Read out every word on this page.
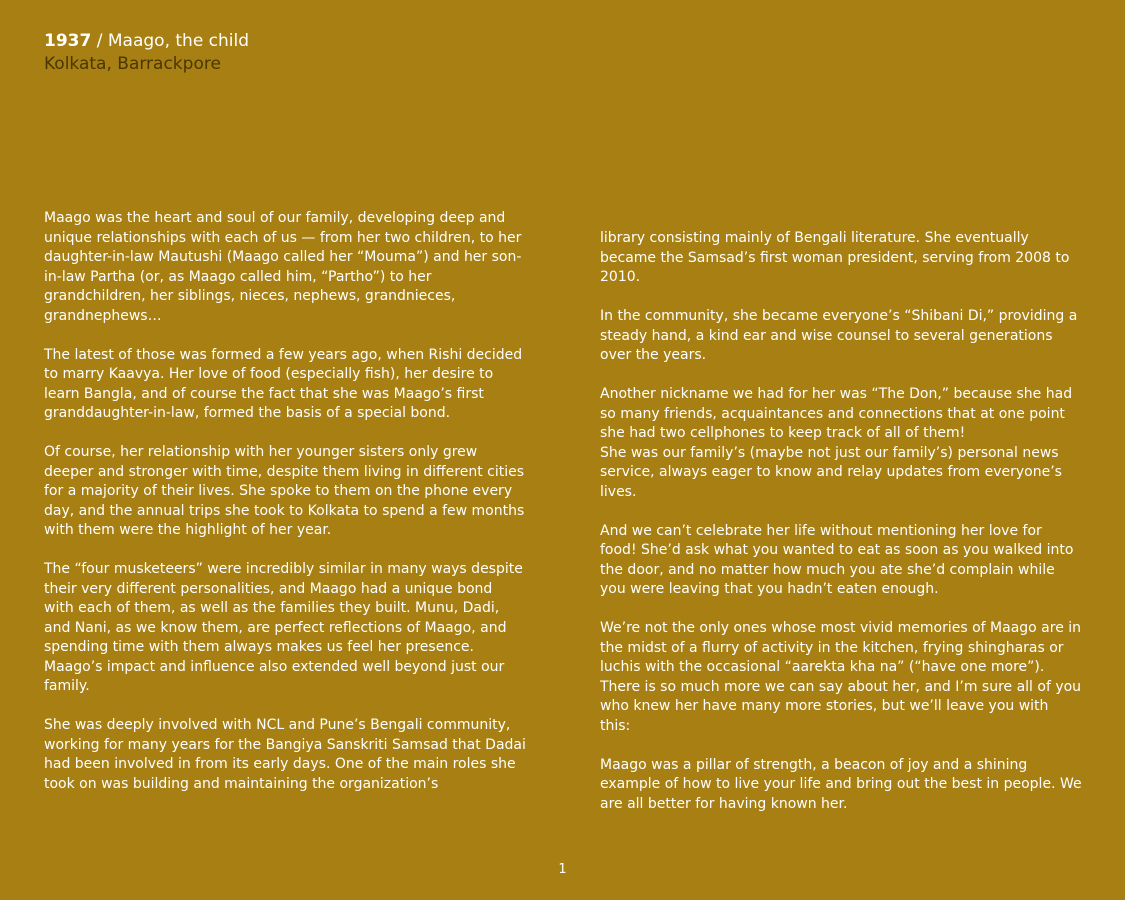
1937 / Maago, the child
Kolkata, Barrackpore

Maago was the heart and soul of our family, developing deep and unique relationships with each of us — from her two children, to her daughter-in-law Mautushi (Maago called her “Mouma”) and her son-in-law Partha (or, as Maago called him, “Partho”) to her grandchildren, her siblings, nieces, nephews, grandnieces, grandnephews…

The latest of those was formed a few years ago, when Rishi decided to marry Kaavya. Her love of food (especially fish), her desire to learn Bangla, and of course the fact that she was Maago’s first granddaughter-in-law, formed the basis of a special bond.

Of course, her relationship with her younger sisters only grew deeper and stronger with time, despite them living in different cities for a majority of their lives. She spoke to them on the phone every day, and the annual trips she took to Kolkata to spend a few months with them were the highlight of her year.

The “four musketeers” were incredibly similar in many ways despite their very different personalities, and Maago had a unique bond with each of them, as well as the families they built. Munu, Dadi, and Nani, as we know them, are perfect reflections of Maago, and spending time with them always makes us feel her presence. Maago’s impact and influence also extended well beyond just our family.

She was deeply involved with NCL and Pune’s Bengali community, working for many years for the Bangiya Sanskriti Samsad that Dadai had been involved in from its early days. One of the main roles she took on was building and maintaining the organization’s

library consisting mainly of Bengali literature. She eventually became the Samsad’s first woman president, serving from 2008 to 2010.

In the community, she became everyone’s “Shibani Di,” providing a steady hand, a kind ear and wise counsel to several generations over the years.

Another nickname we had for her was “The Don,” because she had so many friends, acquaintances and connections that at one point she had two cellphones to keep track of all of them!

She was our family’s (maybe not just our family’s) personal news service, always eager to know and relay updates from everyone’s lives.

And we can’t celebrate her life without mentioning her love for food! She’d ask what you wanted to eat as soon as you walked into the door, and no matter how much you ate she’d complain while you were leaving that you hadn’t eaten enough.

We’re not the only ones whose most vivid memories of Maago are in the midst of a flurry of activity in the kitchen, frying shingharas or luchis with the occasional “aarekta kha na” (“have one more”). There is so much more we can say about her, and I’m sure all of you who knew her have many more stories, but we’ll leave you with this:

Maago was a pillar of strength, a beacon of joy and a shining example of how to live your life and bring out the best in people. We are all better for having known her.

1
